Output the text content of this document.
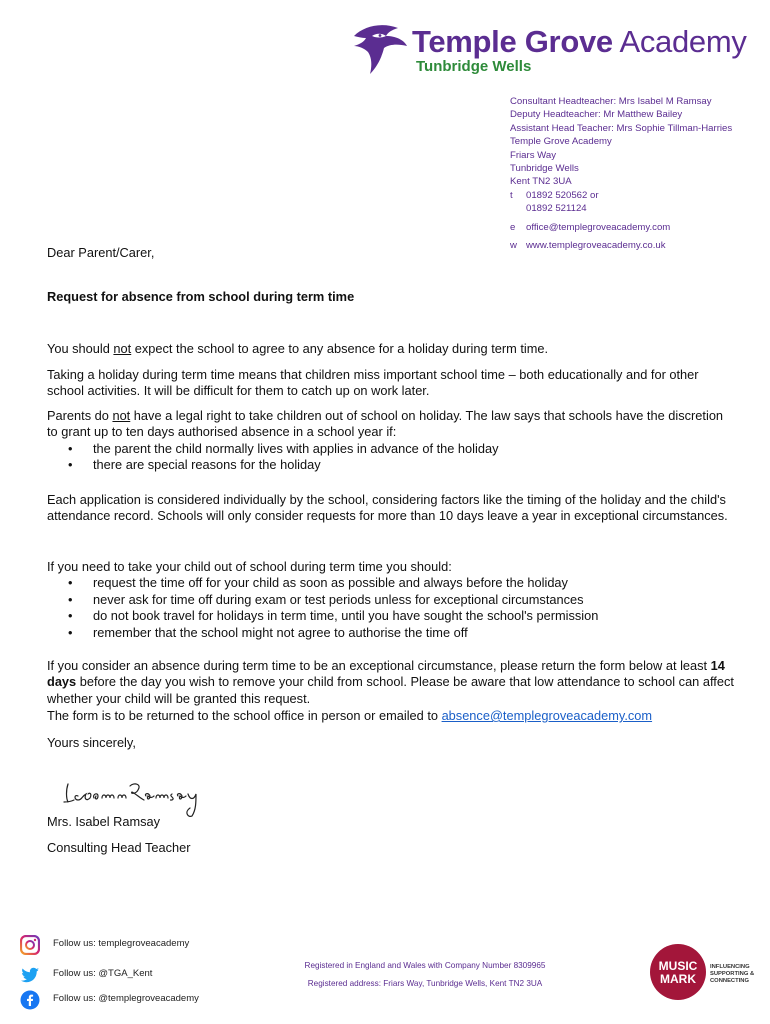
Temple Grove Academy
Tunbridge Wells
Consultant Headteacher: Mrs Isabel M Ramsay
Deputy Headteacher: Mr Matthew Bailey
Assistant Head Teacher: Mrs Sophie Tillman-Harries
Temple Grove Academy
Friars Way
Tunbridge Wells
Kent TN2 3UA
t 01892 520562 or
01892 521124
e office@templegroveacademy.com
w www.templegroveacademy.co.uk
Dear Parent/Carer,
Request for absence from school during term time
You should not expect the school to agree to any absence for a holiday during term time.
Taking a holiday during term time means that children miss important school time – both educationally and for other school activities. It will be difficult for them to catch up on work later.
Parents do not have a legal right to take children out of school on holiday. The law says that schools have the discretion to grant up to ten days authorised absence in a school year if:
• the parent the child normally lives with applies in advance of the holiday
• there are special reasons for the holiday
Each application is considered individually by the school, considering factors like the timing of the holiday and the child's attendance record. Schools will only consider requests for more than 10 days leave a year in exceptional circumstances.
If you need to take your child out of school during term time you should:
• request the time off for your child as soon as possible and always before the holiday
• never ask for time off during exam or test periods unless for exceptional circumstances
• do not book travel for holidays in term time, until you have sought the school's permission
• remember that the school might not agree to authorise the time off
If you consider an absence during term time to be an exceptional circumstance, please return the form below at least 14 days before the day you wish to remove your child from school. Please be aware that low attendance to school can affect whether your child will be granted this request.
The form is to be returned to the school office in person or emailed to absence@templegroveacademy.com
Yours sincerely,
Mrs. Isabel Ramsay
Consulting Head Teacher
Follow us: templegroveacademy
Follow us: @TGA_Kent
Follow us: @templegroveacademy
Registered in England and Wales with Company Number 8309965
Registered address: Friars Way, Tunbridge Wells, Kent TN2 3UA
MUSIC
MARK
INFLUENCING
SUPPORTING &
CONNECTING
